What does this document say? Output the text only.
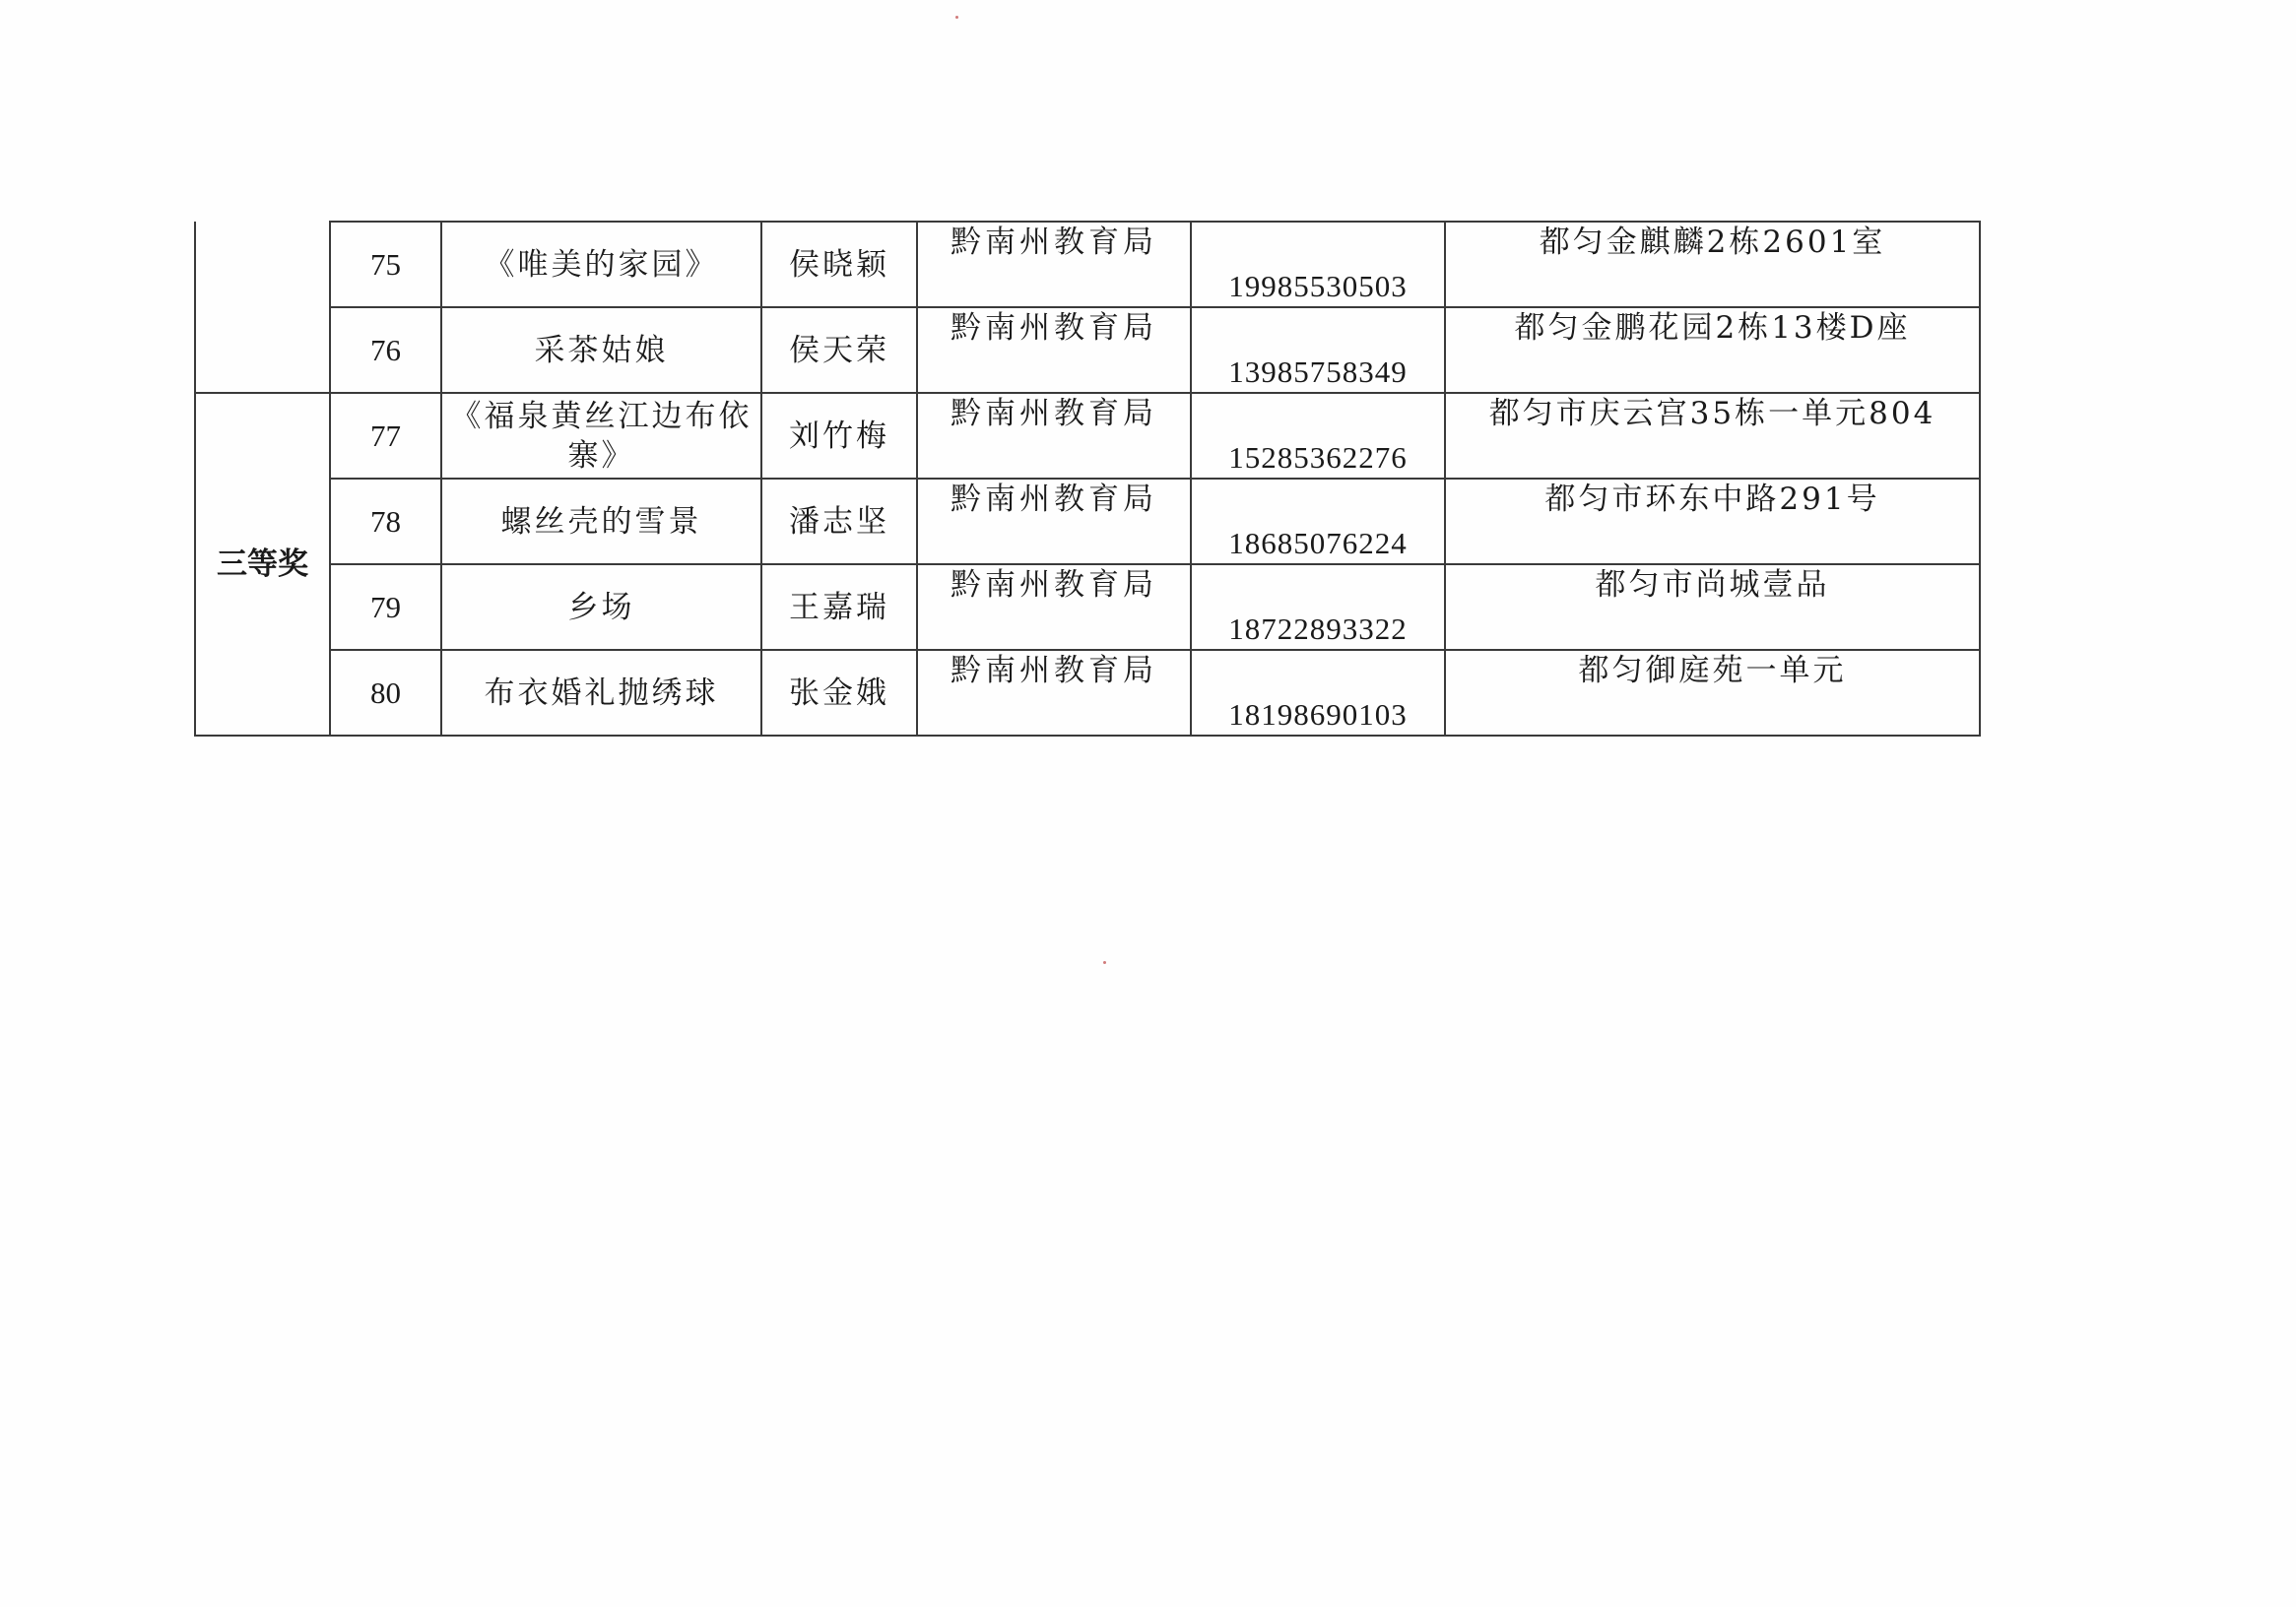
	75	《唯美的家园》	侯晓颖	黔南州教育局	19985530503	都匀金麒麟2栋2601室
	76	采茶姑娘	侯天荣	黔南州教育局	13985758349	都匀金鹏花园2栋13楼D座
三等奖	77	《福泉黄丝江边布依寨》	刘竹梅	黔南州教育局	15285362276	都匀市庆云宫35栋一单元804
	78	螺丝壳的雪景	潘志坚	黔南州教育局	18685076224	都匀市环东中路291号
	79	乡场	王嘉瑞	黔南州教育局	18722893322	都匀市尚城壹品
	80	布衣婚礼抛绣球	张金娥	黔南州教育局	18198690103	都匀御庭苑一单元
